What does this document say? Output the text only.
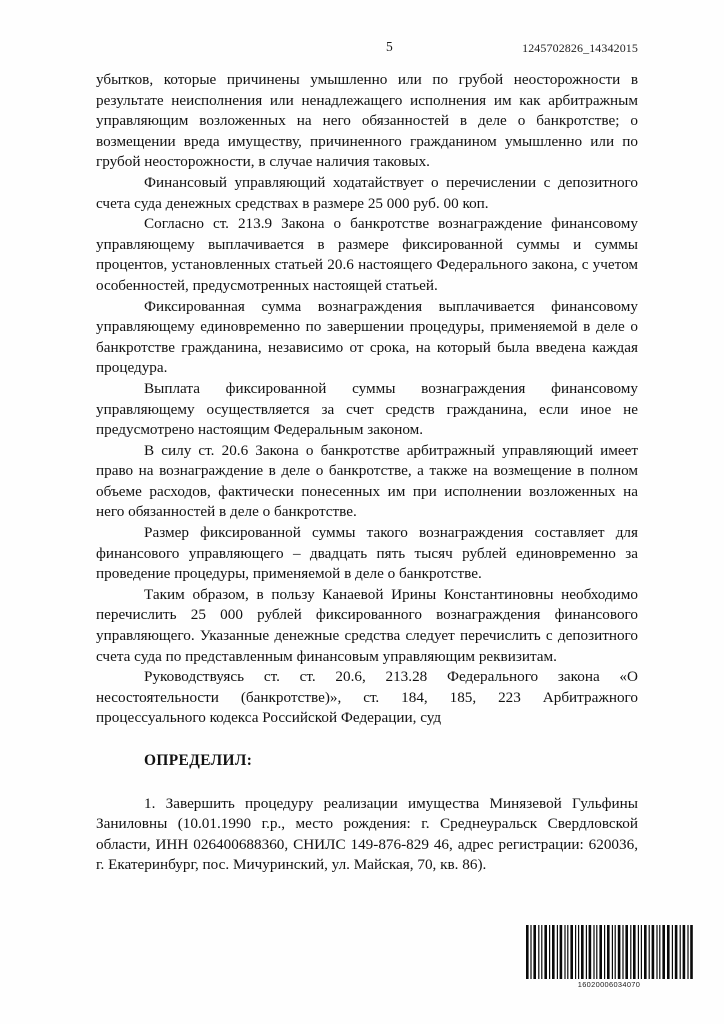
5	1245702826_14342015

убытков, которые причинены умышленно или по грубой неосторожности в результате неисполнения или ненадлежащего исполнения им как арбитражным управляющим возложенных на него обязанностей в деле о банкротстве; о возмещении вреда имуществу, причиненного гражданином умышленно или по грубой неосторожности, в случае наличия таковых.

Финансовый управляющий ходатайствует о перечислении с депозитного счета суда денежных средствах в размере 25 000 руб. 00 коп.

Согласно ст. 213.9 Закона о банкротстве вознаграждение финансовому управляющему выплачивается в размере фиксированной суммы и суммы процентов, установленных статьей 20.6 настоящего Федерального закона, с учетом особенностей, предусмотренных настоящей статьей.

Фиксированная сумма вознаграждения выплачивается финансовому управляющему единовременно по завершении процедуры, применяемой в деле о банкротстве гражданина, независимо от срока, на который была введена каждая процедура.

Выплата фиксированной суммы вознаграждения финансовому управляющему осуществляется за счет средств гражданина, если иное не предусмотрено настоящим Федеральным законом.

В силу ст. 20.6 Закона о банкротстве арбитражный управляющий имеет право на вознаграждение в деле о банкротстве, а также на возмещение в полном объеме расходов, фактически понесенных им при исполнении возложенных на него обязанностей в деле о банкротстве.

Размер фиксированной суммы такого вознаграждения составляет для финансового управляющего – двадцать пять тысяч рублей единовременно за проведение процедуры, применяемой в деле о банкротстве.

Таким образом, в пользу Канаевой Ирины Константиновны необходимо перечислить 25 000 рублей фиксированного вознаграждения финансового управляющего. Указанные денежные средства следует перечислить с депозитного счета суда по представленным финансовым управляющим реквизитам.

Руководствуясь ст. ст. 20.6, 213.28 Федерального закона «О несостоятельности (банкротстве)», ст. 184, 185, 223 Арбитражного процессуального кодекса Российской Федерации, суд

ОПРЕДЕЛИЛ:

1. Завершить процедуру реализации имущества Минязевой Гульфины Заниловны (10.01.1990 г.р., место рождения: г. Среднеуральск Свердловской области, ИНН 026400688360, СНИЛС 149-876-829 46, адрес регистрации: 620036, г. Екатеринбург, пос. Мичуринский, ул. Майская, 70, кв. 86).

16020006034070
